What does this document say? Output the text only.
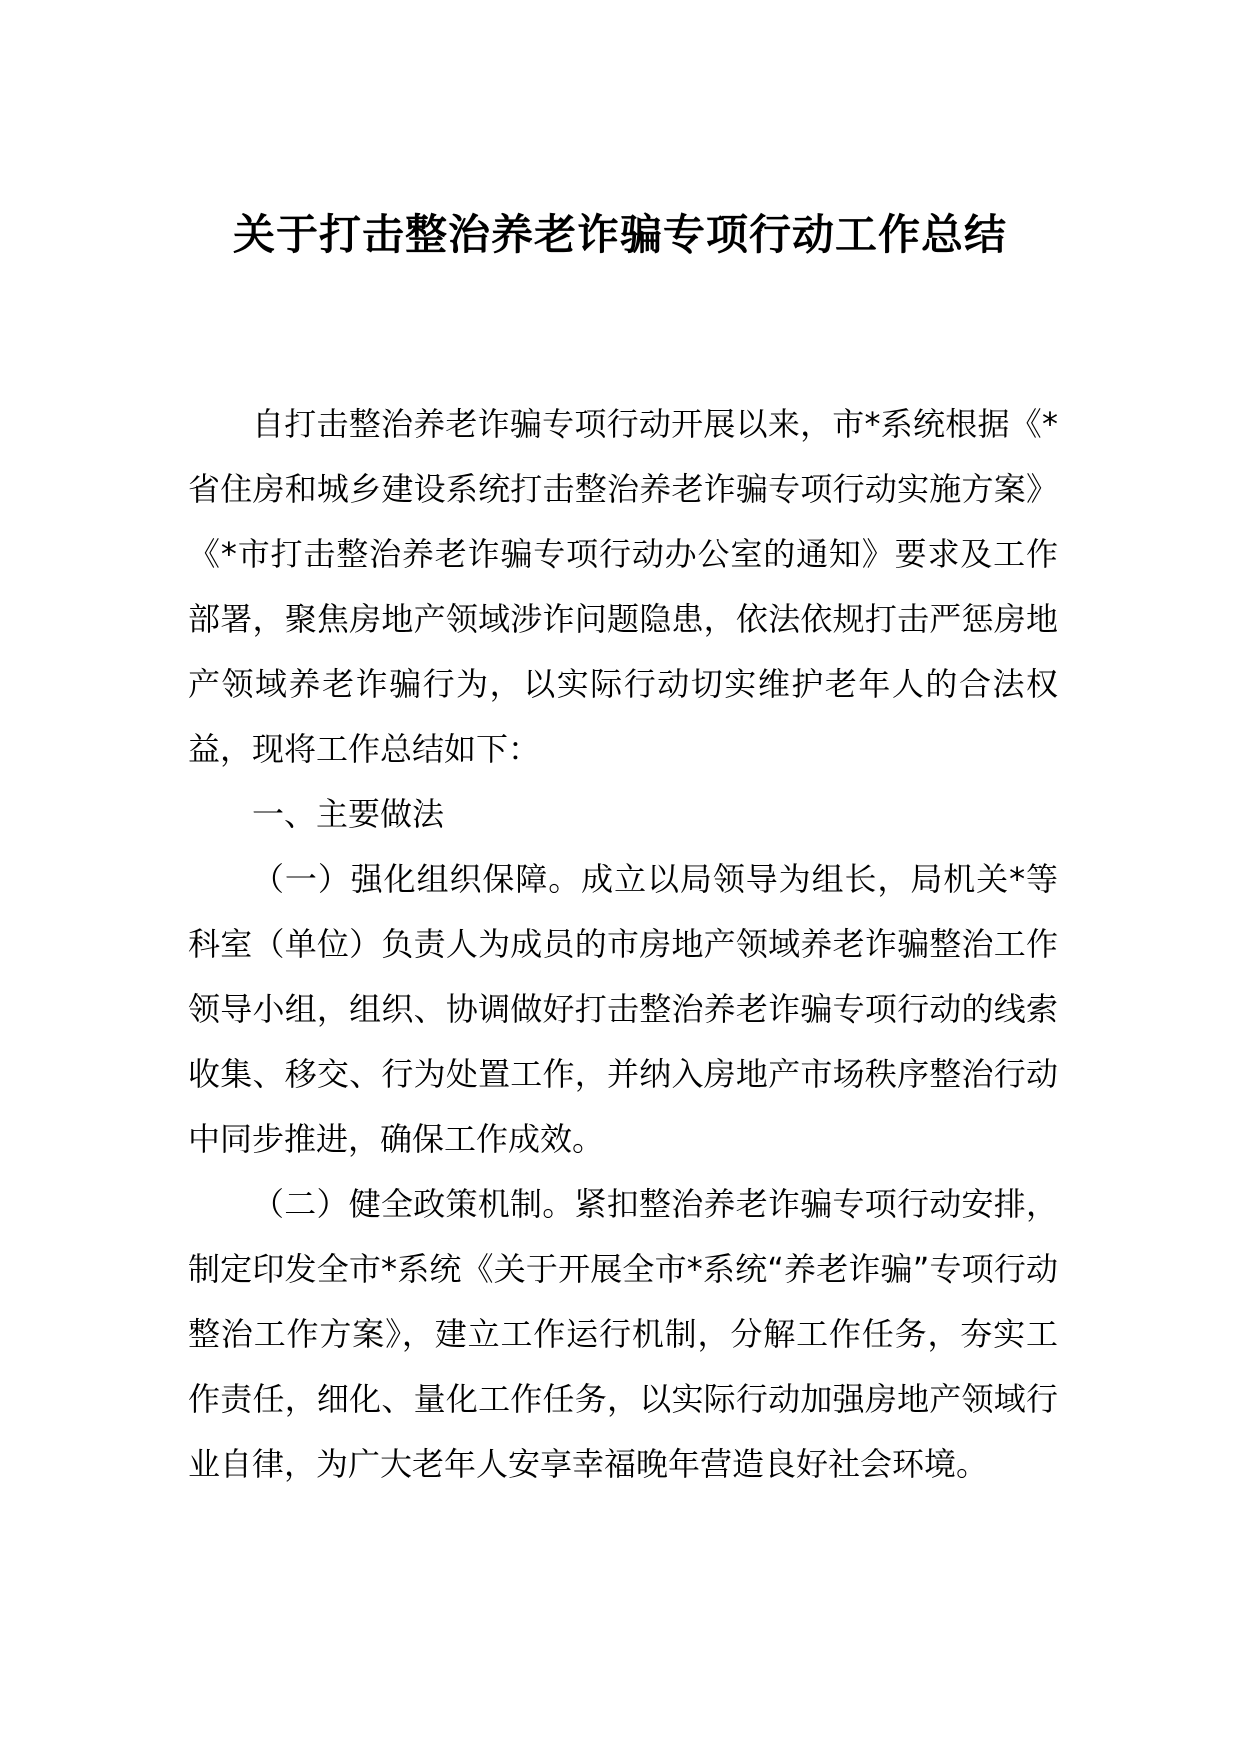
关于打击整治养老诈骗专项行动工作总结

自打击整治养老诈骗专项行动开展以来，市*系统根据《*省住房和城乡建设系统打击整治养老诈骗专项行动实施方案》《*市打击整治养老诈骗专项行动办公室的通知》要求及工作部署，聚焦房地产领域涉诈问题隐患，依法依规打击严惩房地产领域养老诈骗行为，以实际行动切实维护老年人的合法权益，现将工作总结如下：

一、主要做法

（一）强化组织保障。成立以局领导为组长，局机关*等科室（单位）负责人为成员的市房地产领域养老诈骗整治工作领导小组，组织、协调做好打击整治养老诈骗专项行动的线索收集、移交、行为处置工作，并纳入房地产市场秩序整治行动中同步推进，确保工作成效。

（二）健全政策机制。紧扣整治养老诈骗专项行动安排，制定印发全市*系统《关于开展全市*系统“养老诈骗”专项行动整治工作方案》，建立工作运行机制，分解工作任务，夯实工作责任，细化、量化工作任务，以实际行动加强房地产领域行业自律，为广大老年人安享幸福晚年营造良好社会环境。
